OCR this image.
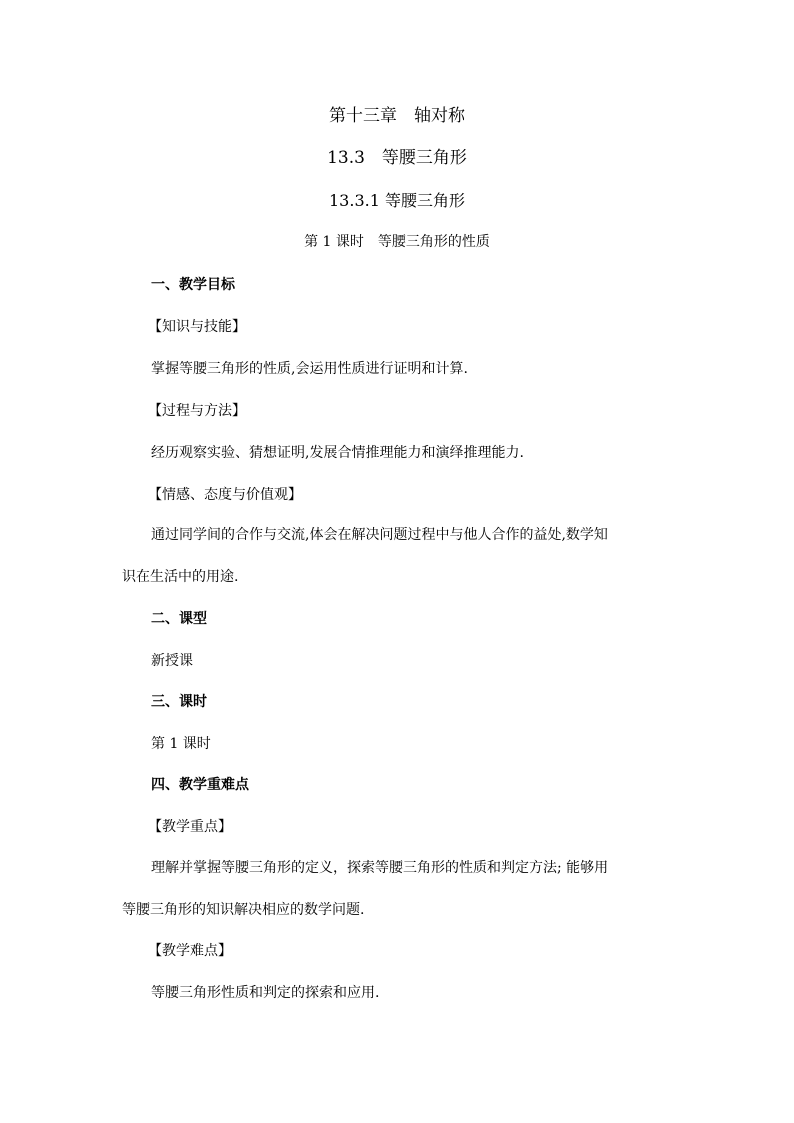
第十三章　轴对称
13.3　等腰三角形
13.3.1 等腰三角形
第 1 课时　等腰三角形的性质
一、教学目标
【知识与技能】
掌握等腰三角形的性质,会运用性质进行证明和计算.
【过程与方法】
经历观察实验、猜想证明,发展合情推理能力和演绎推理能力.
【情感、态度与价值观】
通过同学间的合作与交流,体会在解决问题过程中与他人合作的益处,数学知
识在生活中的用途.
二、课型
新授课
三、课时
第 1 课时
四、教学重难点
【教学重点】
理解并掌握等腰三角形的定义，探索等腰三角形的性质和判定方法; 能够用
等腰三角形的知识解决相应的数学问题.
【教学难点】
等腰三角形性质和判定的探索和应用.
